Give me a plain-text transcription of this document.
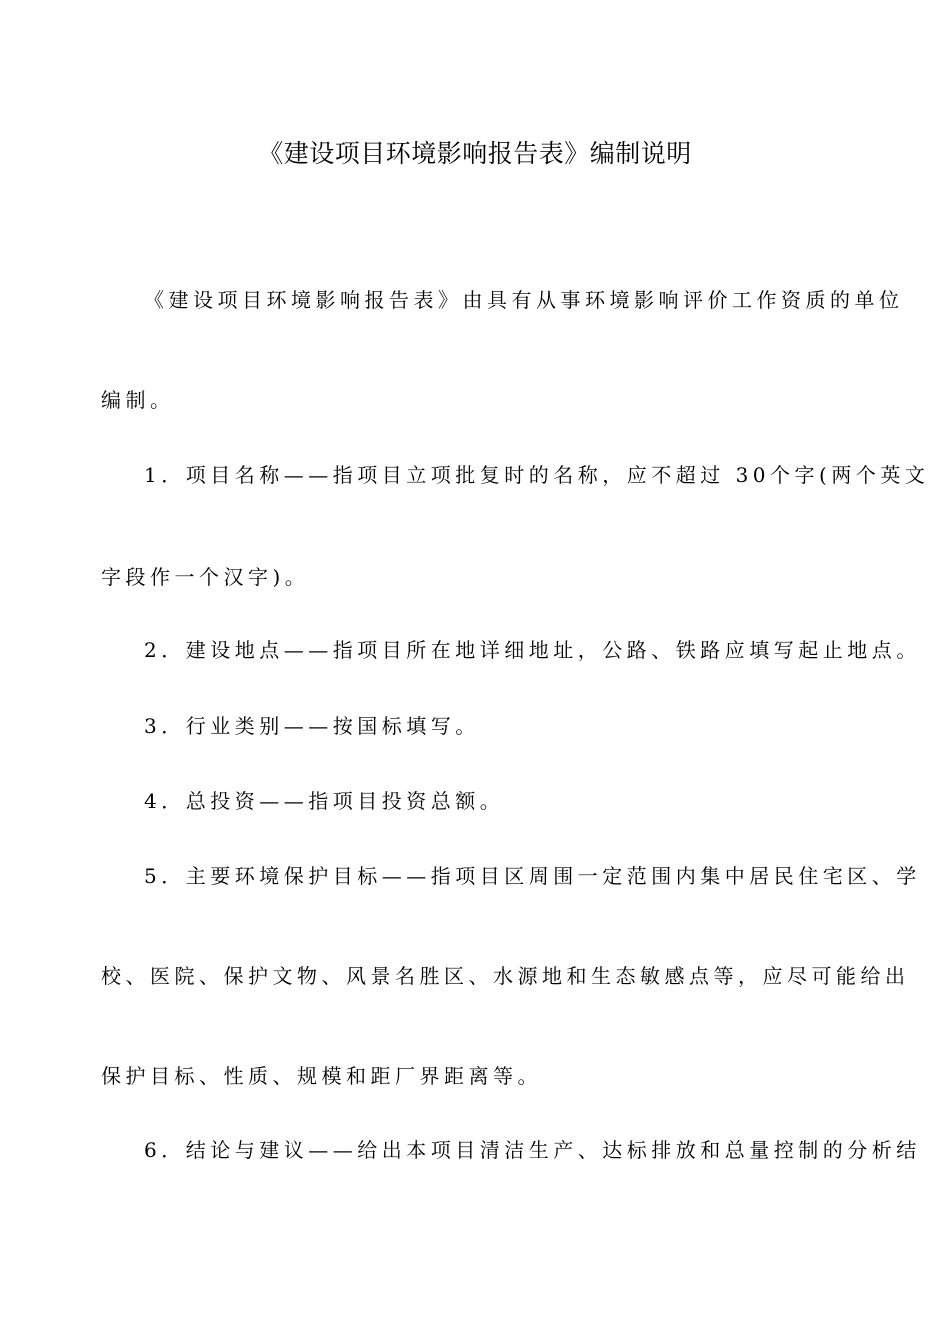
《建设项目环境影响报告表》编制说明
《建设项目环境影响报告表》由具有从事环境影响评价工作资质的单位
编制。
1．项目名称——指项目立项批复时的名称，应不超过 30个字(两个英文
字段作一个汉字)。
2．建设地点——指项目所在地详细地址，公路、铁路应填写起止地点。
3．行业类别——按国标填写。
4．总投资——指项目投资总额。
5．主要环境保护目标——指项目区周围一定范围内集中居民住宅区、学
校、医院、保护文物、风景名胜区、水源地和生态敏感点等，应尽可能给出
保护目标、性质、规模和距厂界距离等。
6．结论与建议——给出本项目清洁生产、达标排放和总量控制的分析结
